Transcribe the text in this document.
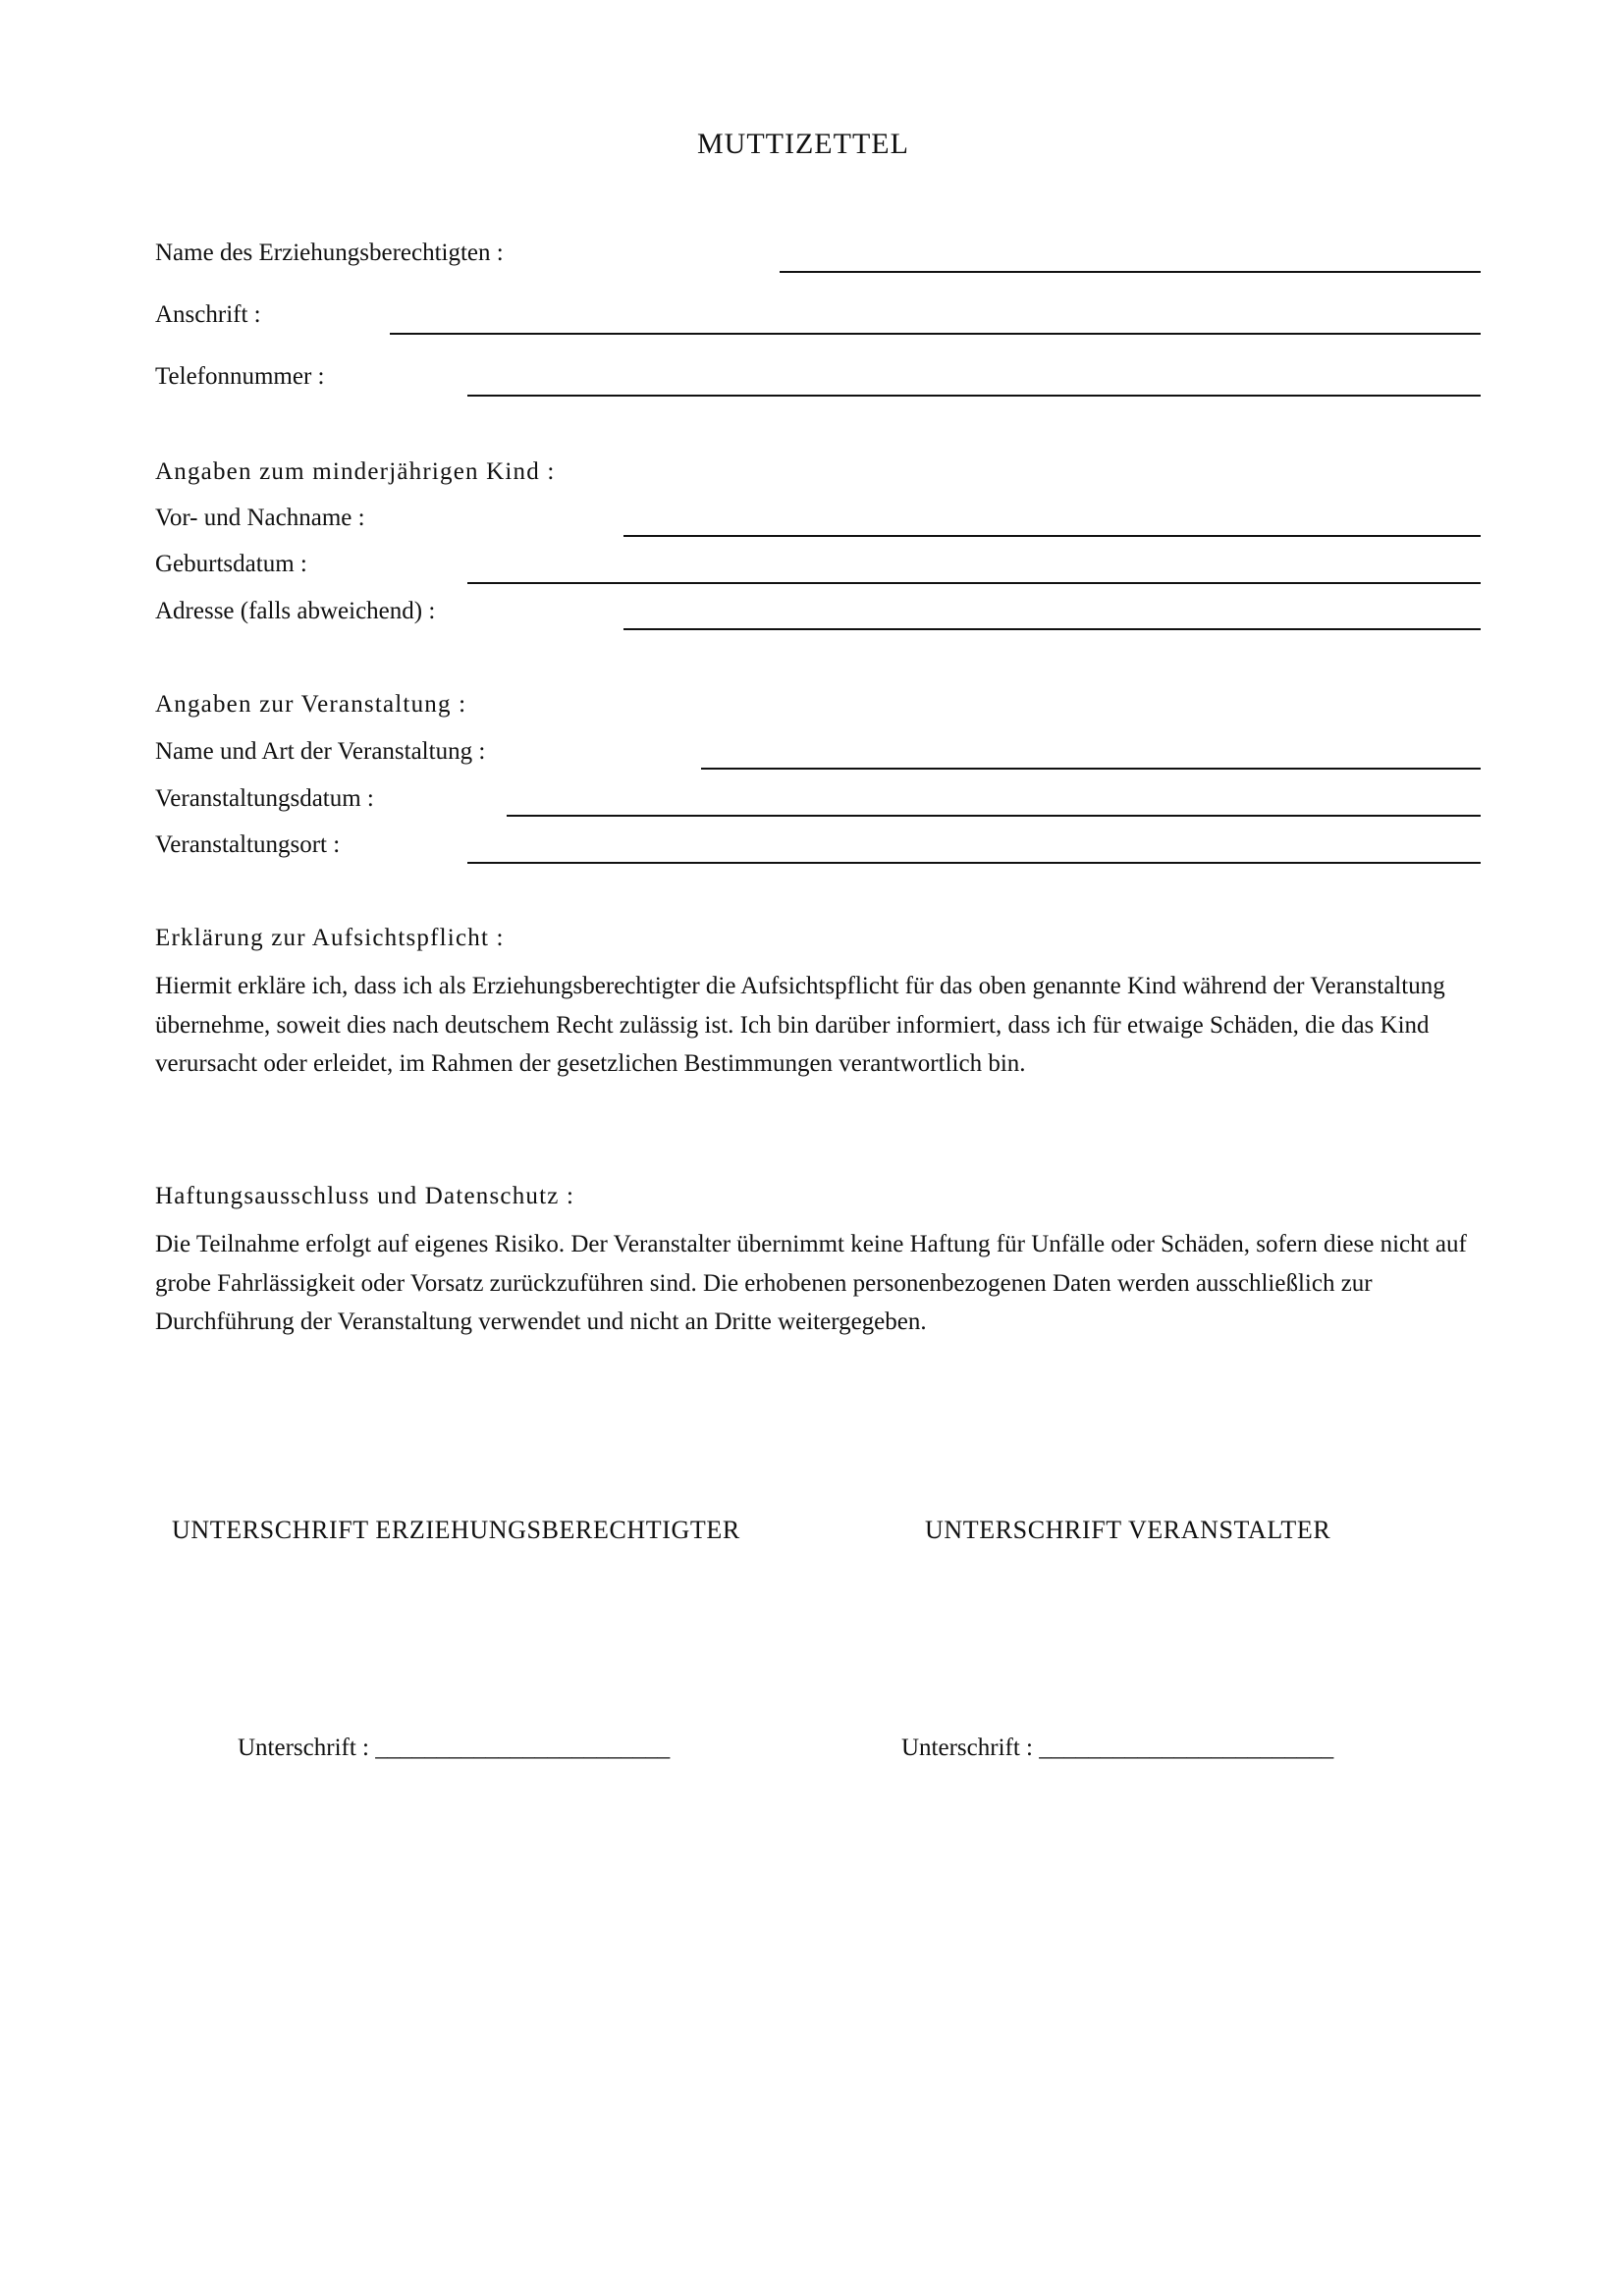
MUTTIZETTEL
Name des Erziehungsberechtigten :
Anschrift :
Telefonnummer :
Angaben zum minderjährigen Kind :
Vor- und Nachname :
Geburtsdatum :
Adresse (falls abweichend) :
Angaben zur Veranstaltung :
Name und Art der Veranstaltung :
Veranstaltungsdatum :
Veranstaltungsort :
Erklärung zur Aufsichtspflicht :
Hiermit erkläre ich, dass ich als Erziehungsberechtigter die Aufsichtspflicht für das oben genannte Kind während der Veranstaltung übernehme, soweit dies nach deutschem Recht zulässig ist. Ich bin darüber informiert, dass ich für etwaige Schäden, die das Kind verursacht oder erleidet, im Rahmen der gesetzlichen Bestimmungen verantwortlich bin.
Haftungsausschluss und Datenschutz :
Die Teilnahme erfolgt auf eigenes Risiko. Der Veranstalter übernimmt keine Haftung für Unfälle oder Schäden, sofern diese nicht auf grobe Fahrlässigkeit oder Vorsatz zurückzuführen sind. Die erhobenen personenbezogenen Daten werden ausschließlich zur Durchführung der Veranstaltung verwendet und nicht an Dritte weitergegeben.
UNTERSCHRIFT ERZIEHUNGSBERECHTIGTER	UNTERSCHRIFT VERANSTALTER
Unterschrift : ________________________	Unterschrift : ________________________
